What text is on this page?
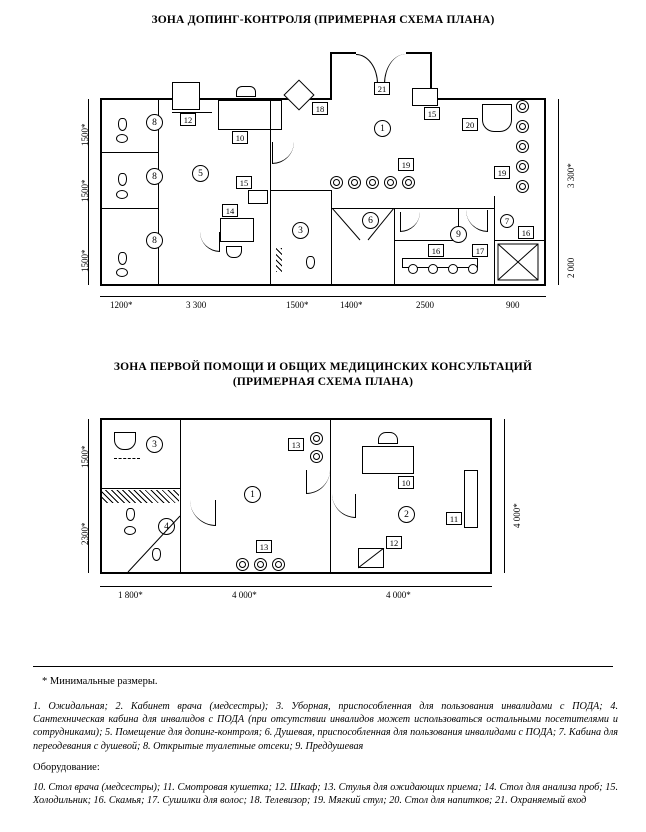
ЗОНА ДОПИНГ-КОНТРОЛЯ (ПРИМЕРНАЯ СХЕМА ПЛАНА)
8
8
8
12
5
10
18	15
1
21
20
19
19
3
6
9
16	17
7
16
14
15
1500*
1500*
1500*
3 300*
2 000
1200*	3 300	1500*	1400*	2500	900
ЗОНА ПЕРВОЙ ПОМОЩИ И ОБЩИХ МЕДИЦИНСКИХ КОНСУЛЬТАЦИЙ
(ПРИМЕРНАЯ СХЕМА ПЛАНА)
3
4
1
13
13
2
10
12
11
1500*
2300*
4 000*
1 800*	4 000*	4 000*
* Минимальные размеры.
1. Ожидальная; 2. Кабинет врача (медсестры); 3. Уборная, приспособленная для пользования инвалидами с ПОДА; 4. Сантехническая кабина для инвалидов с ПОДА (при отсутствии инвалидов может использоваться остальными посетителями и сотрудниками); 5. Помещение для допинг-контроля; 6. Душевая, приспособленная для пользования инвалидами с ПОДА; 7. Кабина для переодевания с душевой; 8. Открытые туалетные отсеки; 9. Преддушевая
Оборудование:
10. Стол врача (медсестры); 11. Смотровая кушетка; 12. Шкаф; 13. Стулья для ожидающих приема; 14. Стол для анализа проб; 15. Холодильник; 16. Скамья; 17. Сушилки для волос; 18. Телевизор; 19. Мягкий стул; 20. Стол для напитков; 21. Охраняемый вход
